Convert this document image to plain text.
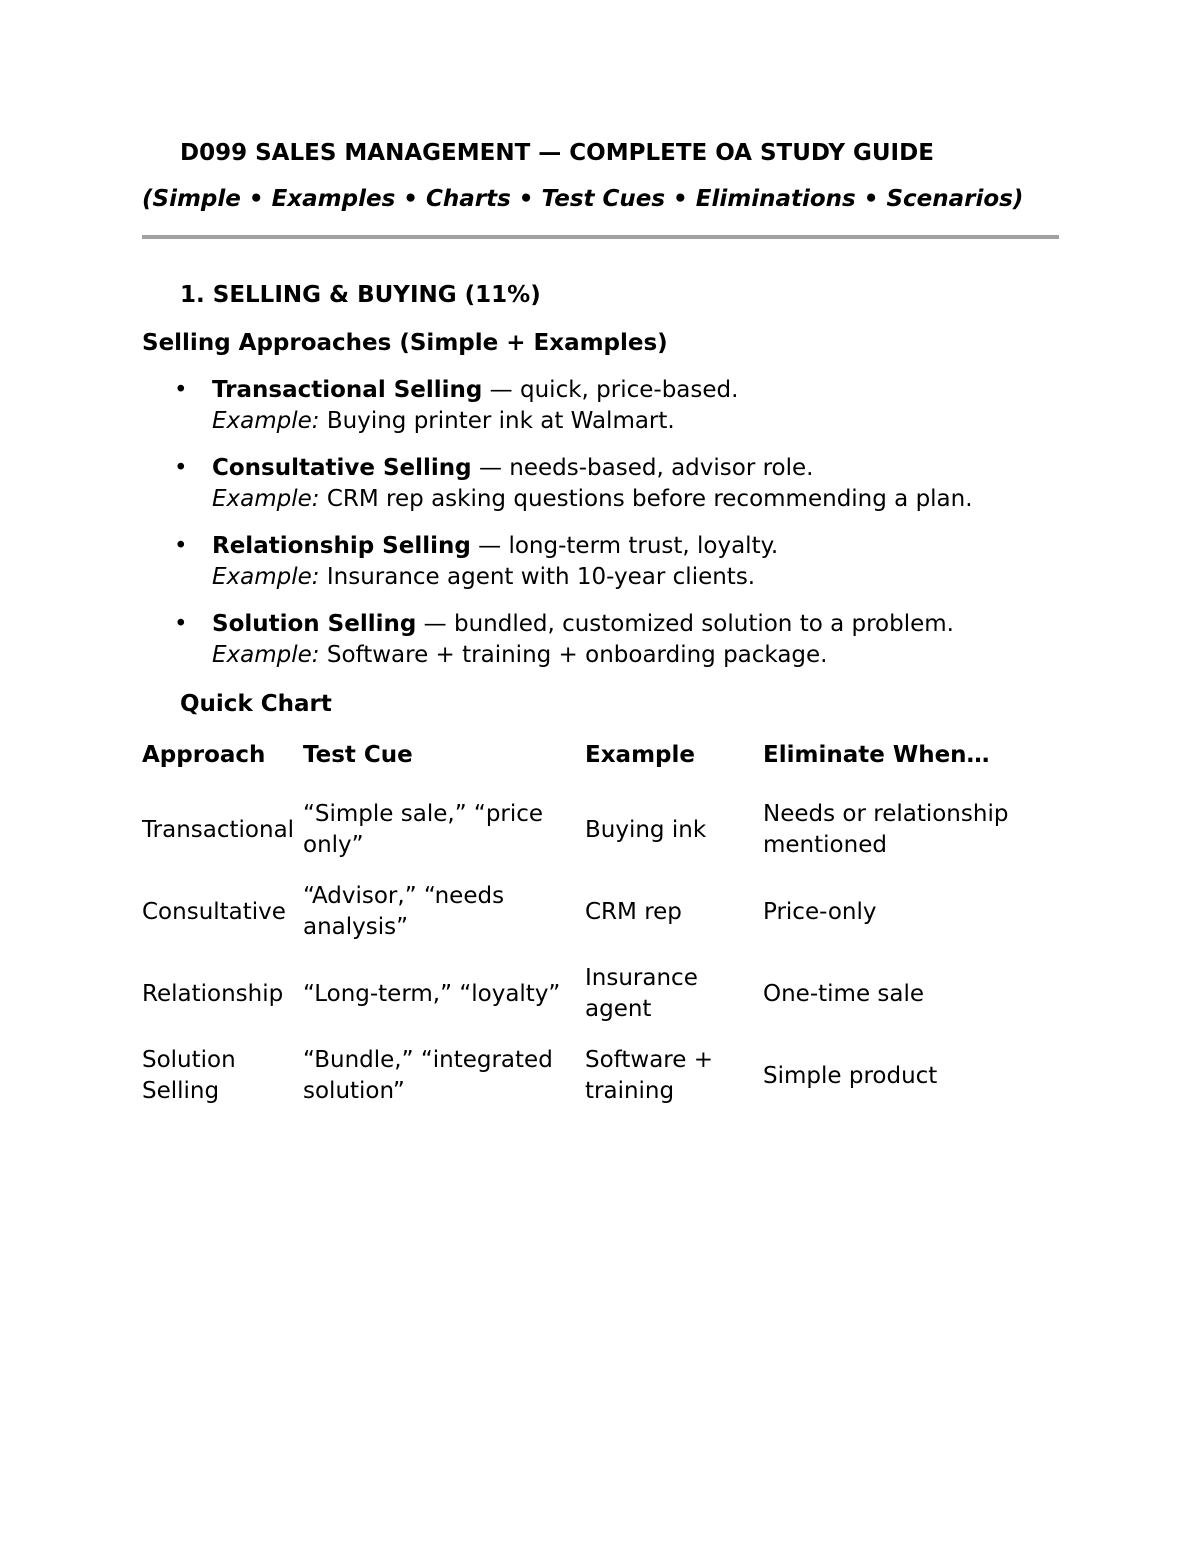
D099 SALES MANAGEMENT — COMPLETE OA STUDY GUIDE
(Simple • Examples • Charts • Test Cues • Eliminations • Scenarios)
1. SELLING & BUYING (11%)
Selling Approaches (Simple + Examples)
• Transactional Selling — quick, price-based.
Example: Buying printer ink at Walmart.
• Consultative Selling — needs-based, advisor role.
Example: CRM rep asking questions before recommending a plan.
• Relationship Selling — long-term trust, loyalty.
Example: Insurance agent with 10-year clients.
• Solution Selling — bundled, customized solution to a problem.
Example: Software + training + onboarding package.
Quick Chart
Approach	Test Cue	Example	Eliminate When…

Transactional	“Simple sale,” “price only”	Buying ink	Needs or relationship mentioned

Consultative	“Advisor,” “needs analysis”	CRM rep	Price-only

Relationship	“Long-term,” “loyalty”	Insurance agent	One-time sale

Solution Selling	“Bundle,” “integrated solution”	Software + training	Simple product
